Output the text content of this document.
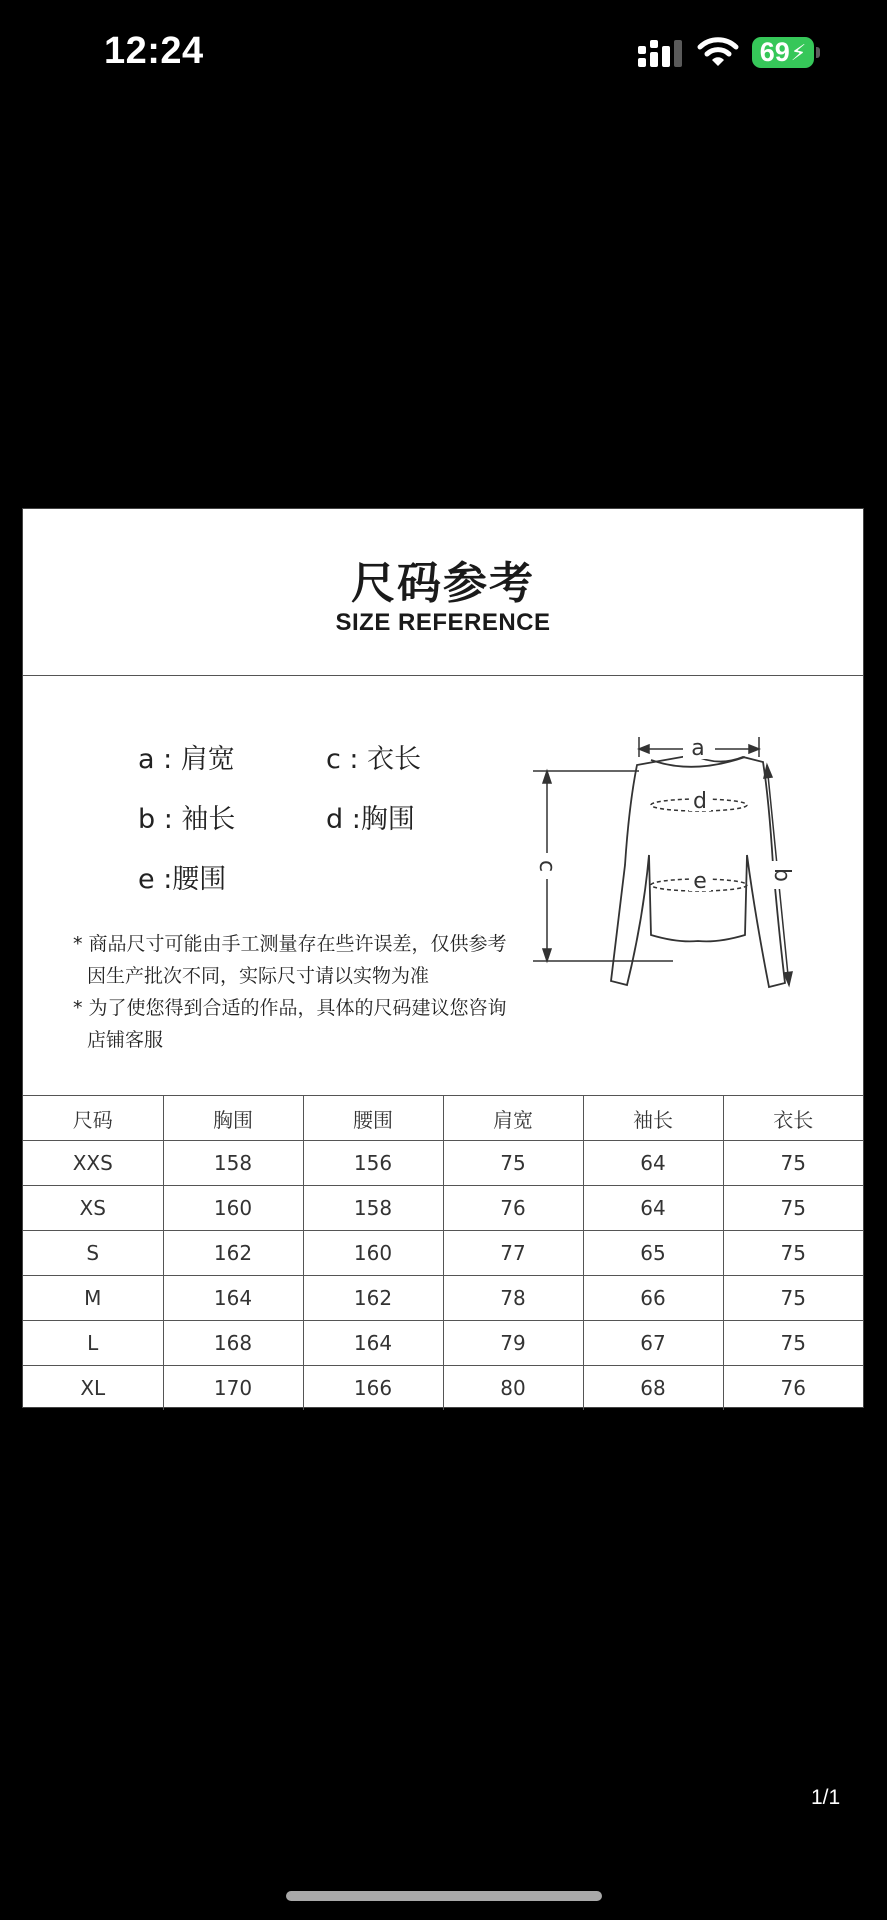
12:24	69 ⚡
尺码参考
SIZE REFERENCE
a : 肩宽	c : 衣长
b : 袖长	d :胸围
e :腰围
* 商品尺寸可能由手工测量存在些许误差，仅供参考
因生产批次不同，实际尺寸请以实物为准
* 为了使您得到合适的作品，具体的尺码建议您咨询
店铺客服
a
d
e
c
b
尺码	胸围	腰围	肩宽	袖长	衣长
XXS	158	156	75	64	75
XS	160	158	76	64	75
S	162	160	77	65	75
M	164	162	78	66	75
L	168	164	79	67	75
XL	170	166	80	68	76
1/1
